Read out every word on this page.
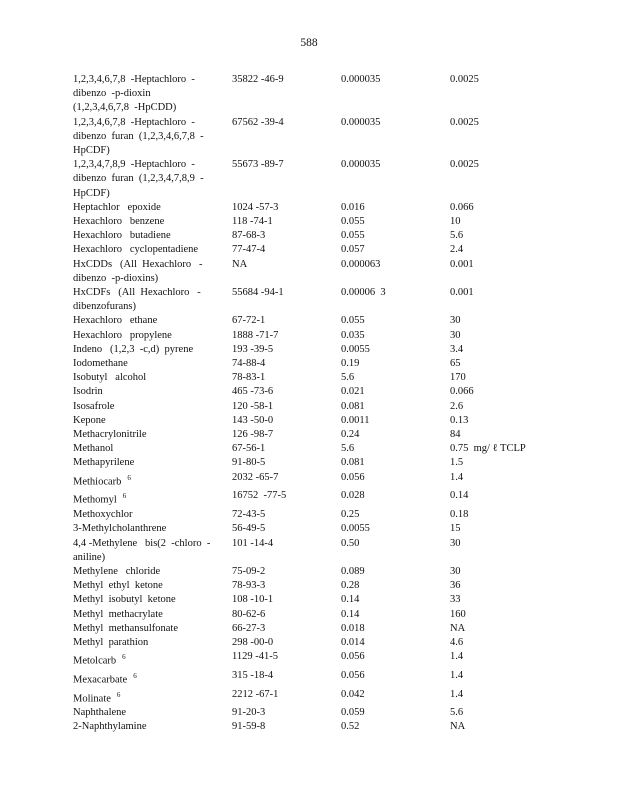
588
1,2,3,4,6,7,8  -Heptachloro  -
dibenzo  -p-dioxin
(1,2,3,4,6,7,8  -HpCDD)
35822 -46-9	0.000035	0.0025
1,2,3,4,6,7,8  -Heptachloro  -
dibenzo  furan  (1,2,3,4,6,7,8  -
HpCDF)
67562 -39-4	0.000035	0.0025
1,2,3,4,7,8,9  -Heptachloro  -
dibenzo  furan  (1,2,3,4,7,8,9  -
HpCDF)
55673 -89-7	0.000035	0.0025
Heptachlor   epoxide	1024 -57-3	0.016	0.066
Hexachloro   benzene	118 -74-1	0.055	10
Hexachloro   butadiene	87-68-3	0.055	5.6
Hexachloro   cyclopentadiene	77-47-4	0.057	2.4
HxCDDs   (All  Hexachloro   -
dibenzo  -p-dioxins)
NA	0.000063	0.001
HxCDFs   (All  Hexachloro   -
dibenzofurans)
55684 -94-1	0.00006  3	0.001
Hexachloro   ethane	67-72-1	0.055	30
Hexachloro   propylene	1888 -71-7	0.035	30
Indeno   (1,2,3  -c,d)  pyrene	193 -39-5	0.0055	3.4
Iodomethane	74-88-4	0.19	65
Isobutyl   alcohol	78-83-1	5.6	170
Isodrin	465 -73-6	0.021	0.066
Isosafrole	120 -58-1	0.081	2.6
Kepone	143 -50-0	0.0011	0.13
Methacrylonitrile	126 -98-7	0.24	84
Methanol	67-56-1	5.6	0.75  mg/ ℓ TCLP
Methapyrilene	91-80-5	0.081	1.5
Methiocarb $^6$	2032 -65-7	0.056	1.4
Methomyl $^6$	16752  -77-5	0.028	0.14
Methoxychlor	72-43-5	0.25	0.18
3-Methylcholanthrene	56-49-5	0.0055	15
4,4 -Methylene   bis(2  -chloro  -
aniline)
101 -14-4	0.50	30
Methylene   chloride	75-09-2	0.089	30
Methyl  ethyl  ketone	78-93-3	0.28	36
Methyl  isobutyl  ketone	108 -10-1	0.14	33
Methyl  methacrylate	80-62-6	0.14	160
Methyl  methansulfonate	66-27-3	0.018	NA
Methyl  parathion	298 -00-0	0.014	4.6
Metolcarb $^6$	1129 -41-5	0.056	1.4
Mexacarbate $^6$	315 -18-4	0.056	1.4
Molinate $^6$	2212 -67-1	0.042	1.4
Naphthalene	91-20-3	0.059	5.6
2-Naphthylamine	91-59-8	0.52	NA
